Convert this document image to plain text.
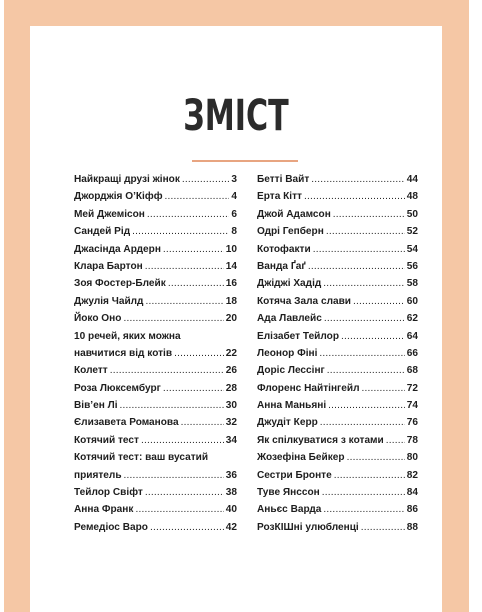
ЗМІСТ
Найкращі друзі жінок .....	3
Джорджія О’Кіфф .....	4
Мей Джемісон .....	6
Сандей Рід .....	8
Джасінда Ардерн .....	10
Клара Бартон .....	14
Зоя Фостер-Блейк .....	16
Джулія Чайлд .....	18
Йоко Оно .....	20
10 речей, яких можна
навчитися від котів .....	22
Колетт .....	26
Роза Люксембург .....	28
Вів’ен Лі .....	30
Єлизавета Романова .....	32
Котячий тест .....	34
Котячий тест: ваш вусатий
приятель .....	36
Тейлор Свіфт .....	38
Анна Франк .....	40
Ремедіос Варо .....	42
Бетті Вайт .....	44
Ерта Кітт .....	48
Джой Адамсон .....	50
Одрі Гепберн .....	52
Котофакти .....	54
Ванда Ґаґ .....	56
Джіджі Хадід .....	58
Котяча Зала слави .....	60
Ада Лавлейс .....	62
Елізабет Тейлор .....	64
Леонор Фіні .....	66
Доріс Лессінг .....	68
Флоренс Найтінгейл .....	72
Анна Маньяні .....	74
Джудіт Керр .....	76
Як спілкуватися з котами ..... 78
Жозефіна Бейкер .....	80
Сестри Бронте .....	82
Туве Янссон .....	84
Аньєс Варда .....	86
РозКІШні улюбленці .....	88
